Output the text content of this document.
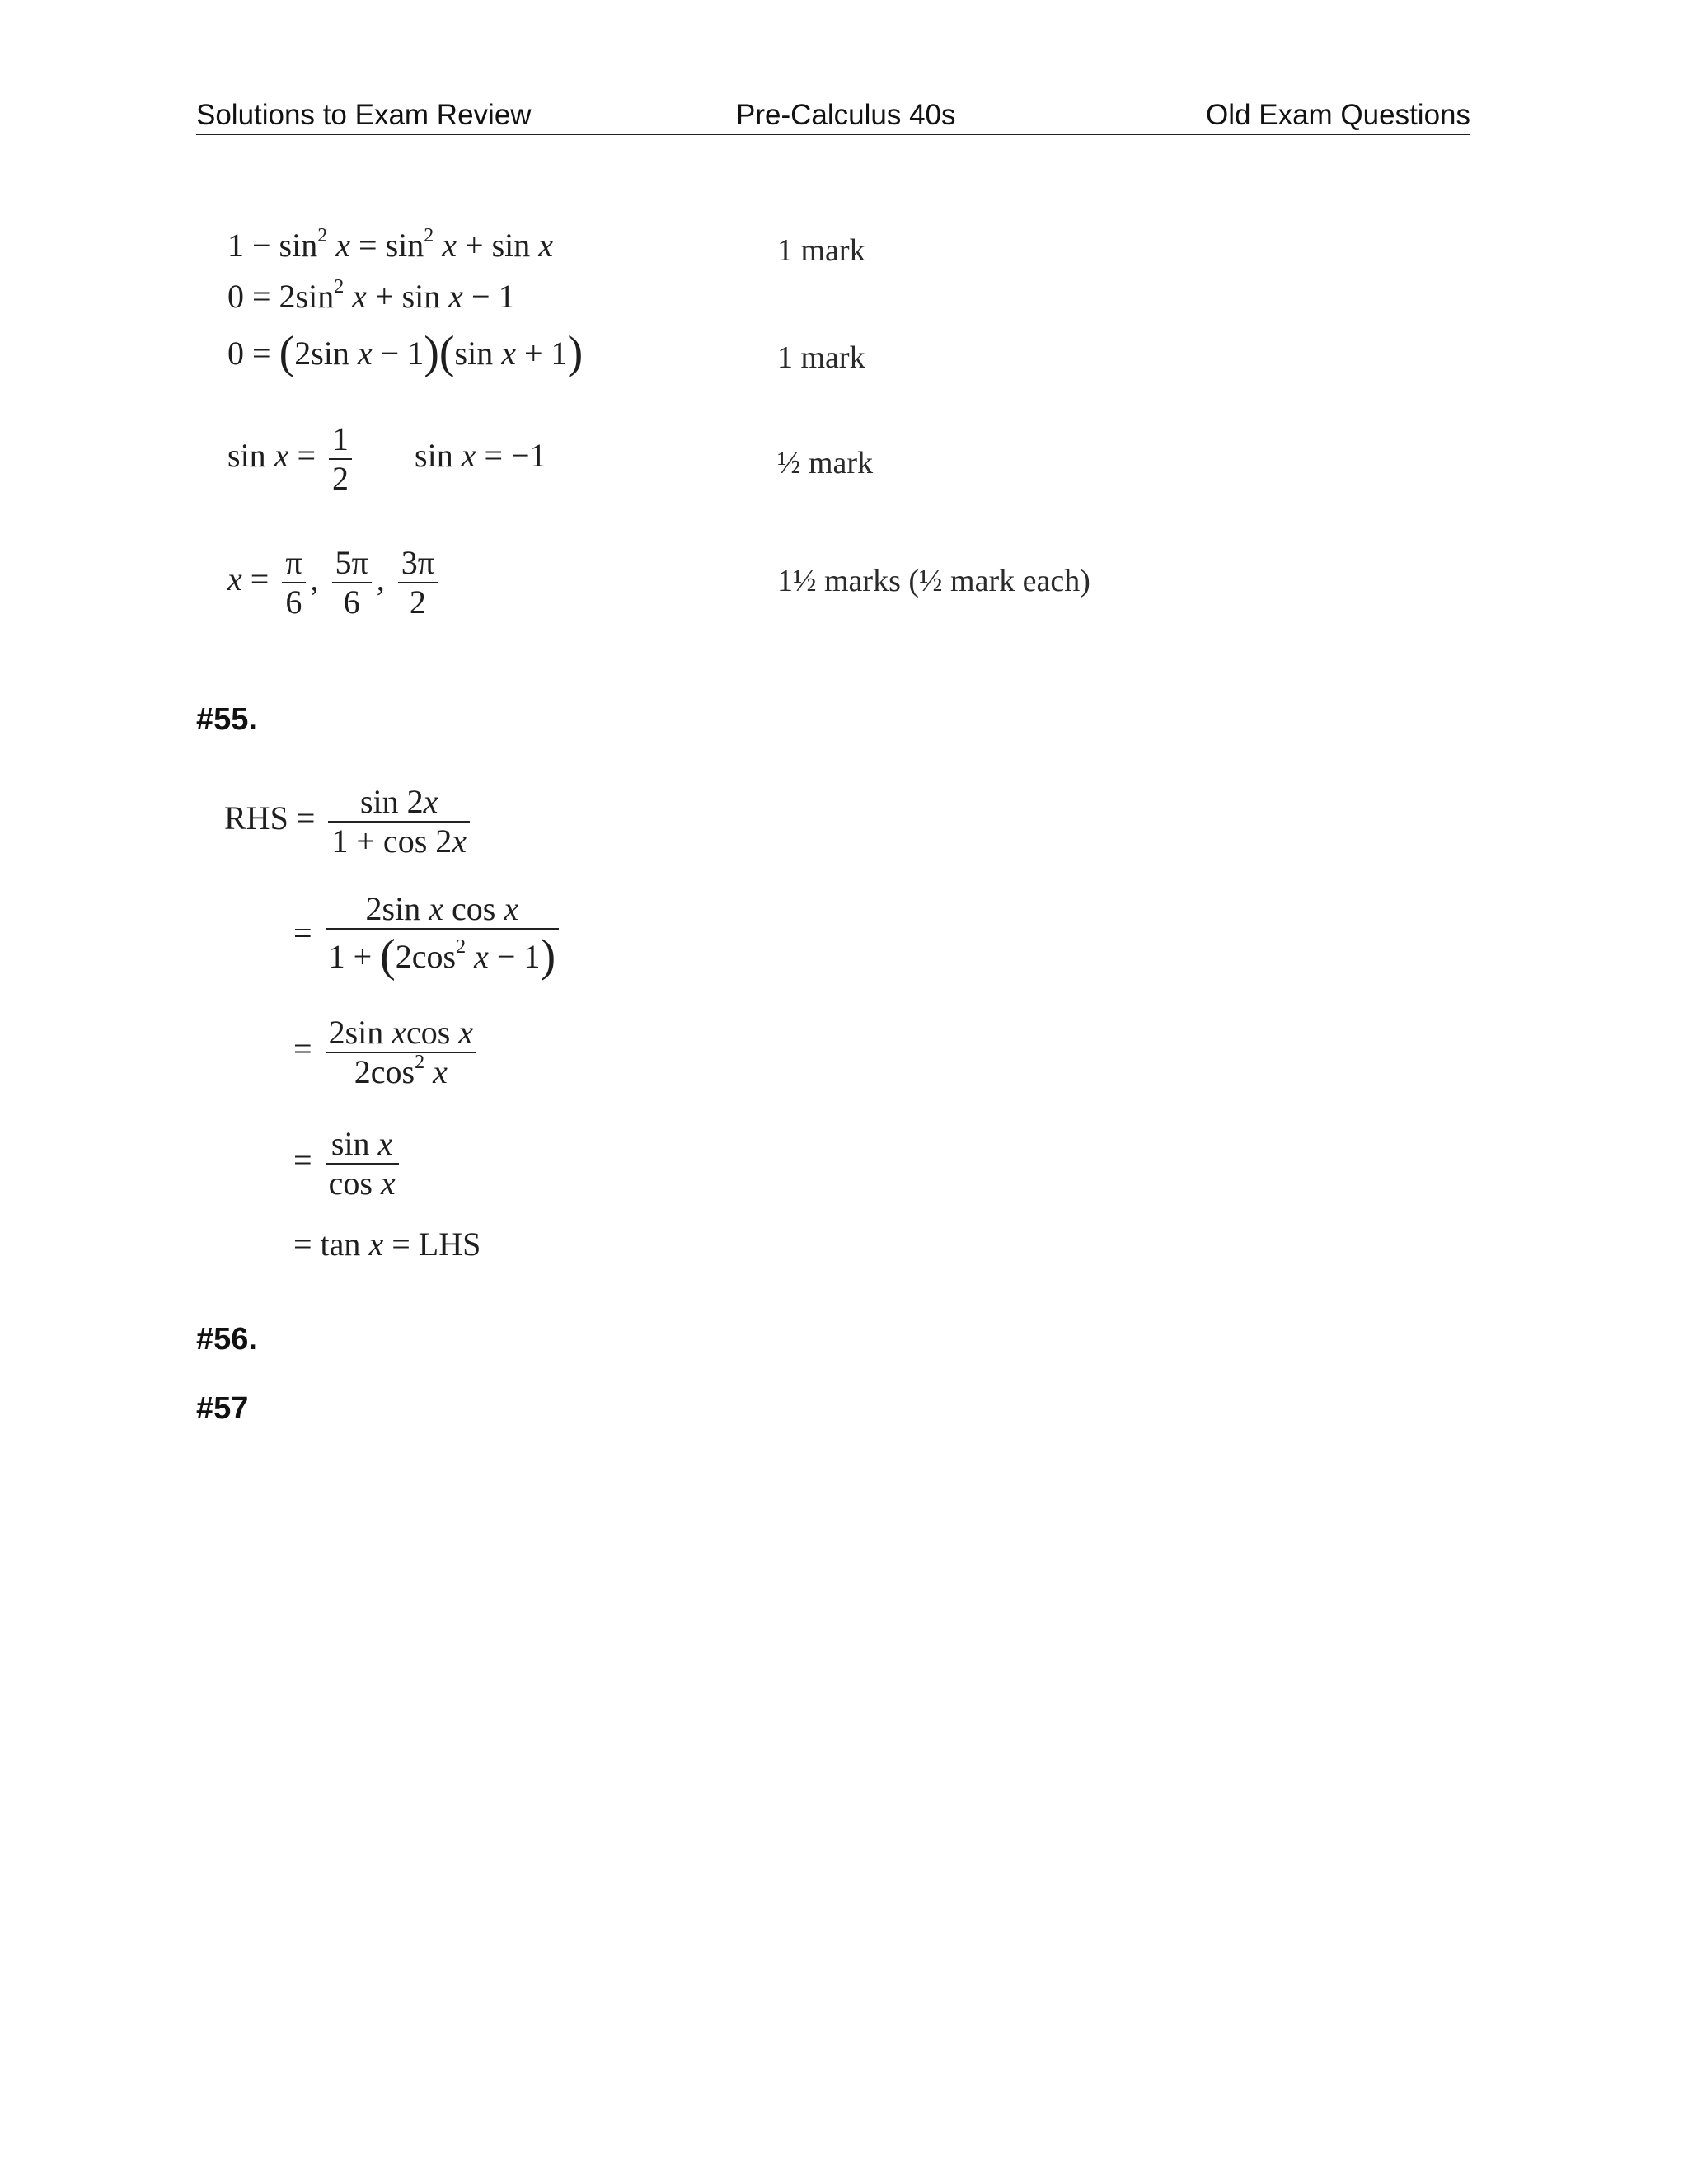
Solutions to Exam Review	Pre-Calculus 40s	Old Exam Questions
$1 - \sin^2 x = \sin^2 x + \sin x$	1 mark
$0 = 2\sin^2$ x + sin x − 1
0 = (2sin x − 1)(sin x + 1)	1 mark
$\sin x = \frac{1}{2}$ sin x = −1	½ mark
$x = \frac{\pi}{6}$ , $\frac{5\pi}{6}$ , $\frac{3\pi}{2}$	1½ marks (½ mark each)
#55.
RHS = $\frac{\sin 2x}{1 + \cos 2x}$
= $\frac{\text{2sin x cos x}}{1 + (2\cos^2 x - 1)}$
= $\frac{\text{2sin xcos x}}{2\cos^2 x}$
= $\frac{\text{sin x}}{\text{cos x}}$
= tan x = LHS
#56.
#57
